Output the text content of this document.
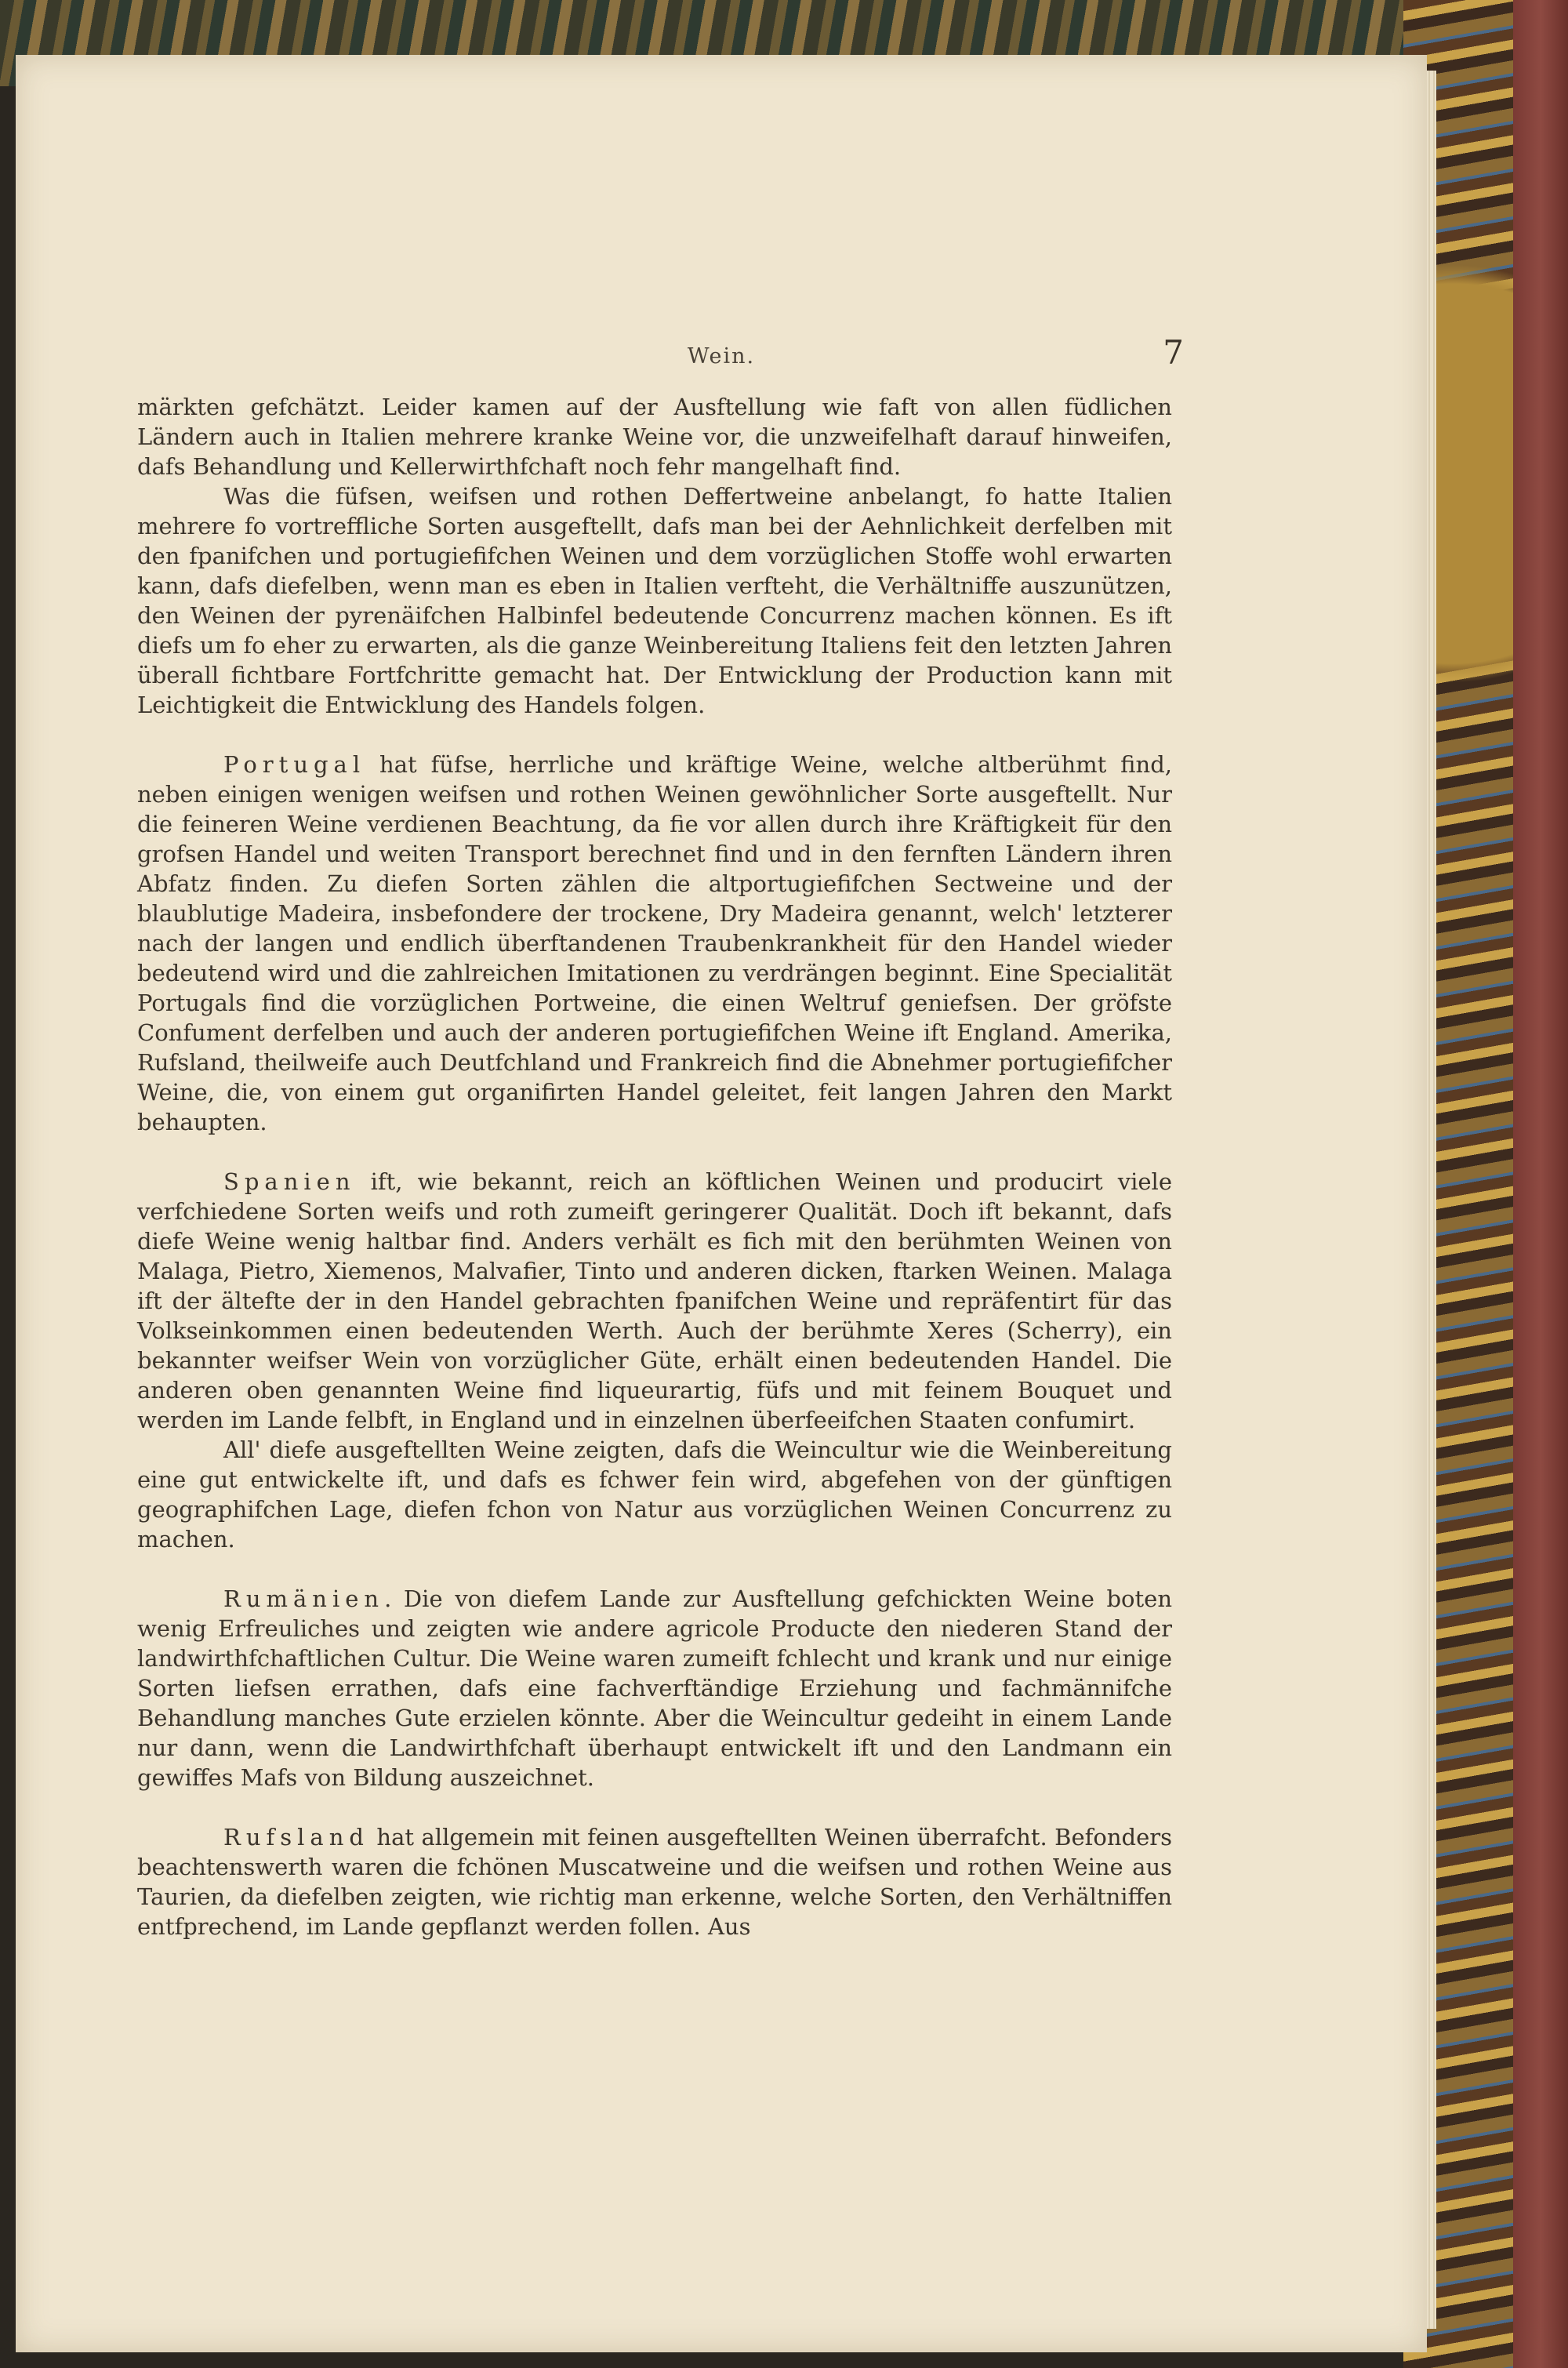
Wein.	7

märkten gefchätzt. Leider kamen auf der Ausftellung wie faft von allen füdlichen Ländern auch in Italien mehrere kranke Weine vor, die unzweifelhaft darauf hinweifen, dafs Behandlung und Kellerwirthfchaft noch fehr mangelhaft find.

Was die füfsen, weifsen und rothen Deffertweine anbelangt, fo hatte Italien mehrere fo vortreffliche Sorten ausgeftellt, dafs man bei der Aehnlichkeit derfelben mit den fpanifchen und portugiefifchen Weinen und dem vorzüglichen Stoffe wohl erwarten kann, dafs diefelben, wenn man es eben in Italien verfteht, die Verhältniffe auszunützen, den Weinen der pyrenäifchen Halbinfel bedeutende Concurrenz machen können. Es ift diefs um fo eher zu erwarten, als die ganze Weinbereitung Italiens feit den letzten Jahren überall fichtbare Fortfchritte gemacht hat. Der Entwicklung der Production kann mit Leichtigkeit die Entwicklung des Handels folgen.

Portugal hat füfse, herrliche und kräftige Weine, welche altberühmt find, neben einigen wenigen weifsen und rothen Weinen gewöhnlicher Sorte ausgeftellt. Nur die feineren Weine verdienen Beachtung, da fie vor allen durch ihre Kräftigkeit für den grofsen Handel und weiten Transport berechnet find und in den fernften Ländern ihren Abfatz finden. Zu diefen Sorten zählen die altportugiefifchen Sectweine und der blaublutige Madeira, insbefondere der trockene, Dry Madeira genannt, welch' letzterer nach der langen und endlich überftandenen Traubenkrankheit für den Handel wieder bedeutend wird und die zahlreichen Imitationen zu verdrängen beginnt. Eine Specialität Portugals find die vorzüglichen Portweine, die einen Weltruf geniefsen. Der gröfste Confument derfelben und auch der anderen portugiefifchen Weine ift England. Amerika, Rufsland, theilweife auch Deutfchland und Frankreich find die Abnehmer portugiefifcher Weine, die, von einem gut organifirten Handel geleitet, feit langen Jahren den Markt behaupten.

Spanien ift, wie bekannt, reich an köftlichen Weinen und producirt viele verfchiedene Sorten weifs und roth zumeift geringerer Qualität. Doch ift bekannt, dafs diefe Weine wenig haltbar find. Anders verhält es fich mit den berühmten Weinen von Malaga, Pietro, Xiemenos, Malvafier, Tinto und anderen dicken, ftarken Weinen. Malaga ift der ältefte der in den Handel gebrachten fpanifchen Weine und repräfentirt für das Volkseinkommen einen bedeutenden Werth. Auch der berühmte Xeres (Scherry), ein bekannter weifser Wein von vorzüglicher Güte, erhält einen bedeutenden Handel. Die anderen oben genannten Weine find liqueurartig, füfs und mit feinem Bouquet und werden im Lande felbft, in England und in einzelnen überfeeifchen Staaten confumirt.

All' diefe ausgeftellten Weine zeigten, dafs die Weincultur wie die Weinbereitung eine gut entwickelte ift, und dafs es fchwer fein wird, abgefehen von der günftigen geographifchen Lage, diefen fchon von Natur aus vorzüglichen Weinen Concurrenz zu machen.

Rumänien. Die von diefem Lande zur Ausftellung gefchickten Weine boten wenig Erfreuliches und zeigten wie andere agricole Producte den niederen Stand der landwirthfchaftlichen Cultur. Die Weine waren zumeift fchlecht und krank und nur einige Sorten liefsen errathen, dafs eine fachverftändige Erziehung und fachmännifche Behandlung manches Gute erzielen könnte. Aber die Weincultur gedeiht in einem Lande nur dann, wenn die Landwirthfchaft überhaupt entwickelt ift und den Landmann ein gewiffes Mafs von Bildung auszeichnet.

Rufsland hat allgemein mit feinen ausgeftellten Weinen überrafcht. Befonders beachtenswerth waren die fchönen Muscatweine und die weifsen und rothen Weine aus Taurien, da diefelben zeigten, wie richtig man erkenne, welche Sorten, den Verhältniffen entfprechend, im Lande gepflanzt werden follen. Aus
